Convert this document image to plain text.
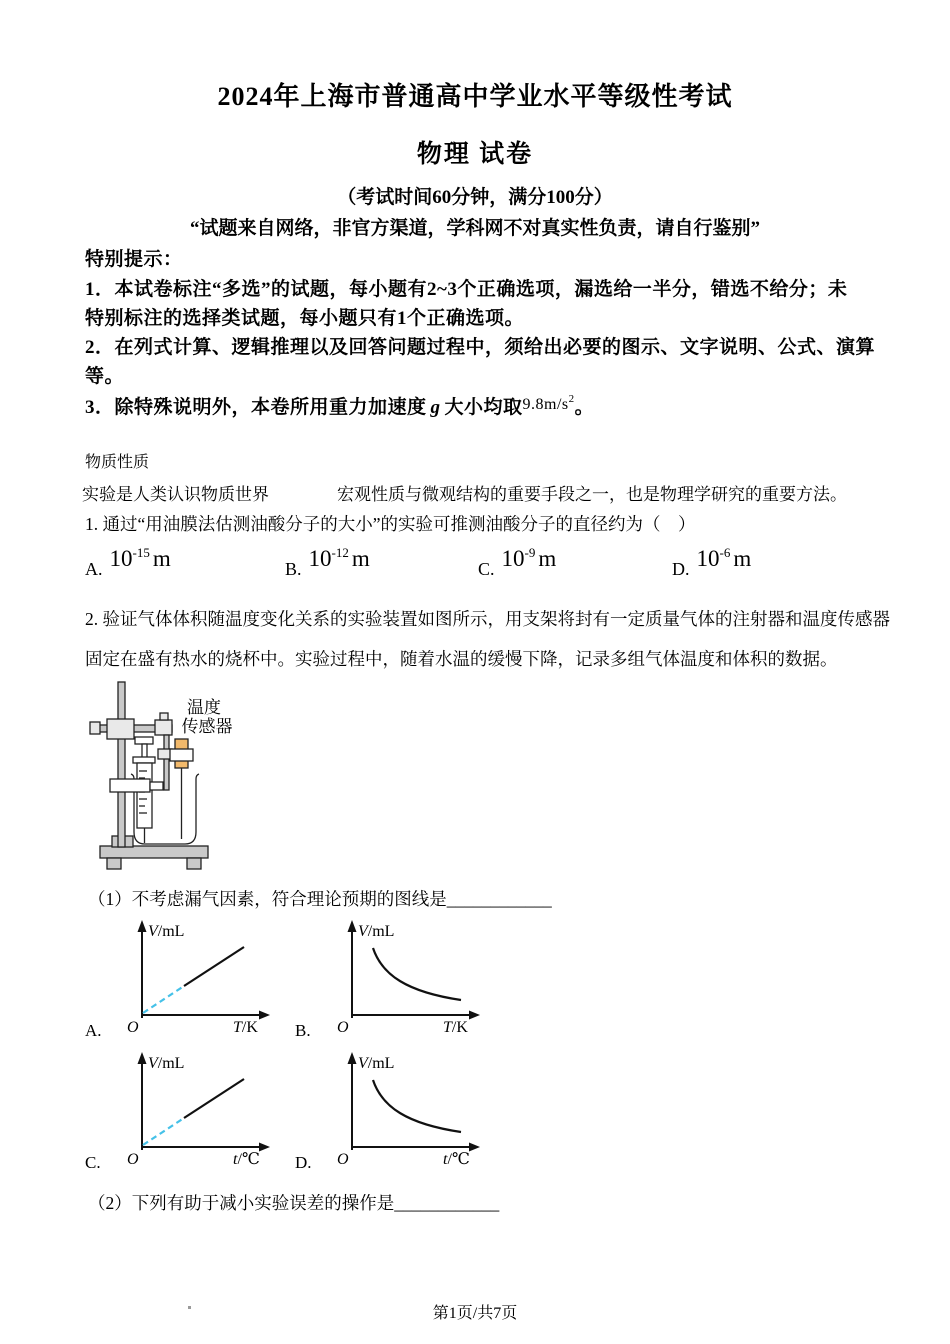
2024年上海市普通高中学业水平等级性考试
物理 试卷
（考试时间60分钟，满分100分）
“试题来自网络，非官方渠道，学科网不对真实性负责，请自行鉴别”
特别提示：
1．本试卷标注“多选”的试题，每小题有2~3个正确选项，漏选给一半分，错选不给分；未
特别标注的选择类试题，每小题只有1个正确选项。
2．在列式计算、逻辑推理以及回答问题过程中，须给出必要的图示、文字说明、公式、演算
等。
3．除特殊说明外，本卷所用重力加速度 g 大小均取$^{9.8m/s^2}$。
物质性质
实验是人类认识物质世界　　　　宏观性质与微观结构的重要手段之一，也是物理学研究的重要方法。
1. 通过“用油膜法估测油酸分子的大小”的实验可推测油酸分子的直径约为（　）
A. $10^{-15}$ m	B. $10^{-12}$ m	C. $10^{-9}$ m	D. $10^{-6}$ m
2. 验证气体体积随温度变化关系的实验装置如图所示，用支架将封有一定质量气体的注射器和温度传感器
固定在盛有热水的烧杯中。实验过程中，随着水温的缓慢下降，记录多组气体温度和体积的数据。
温度
传感器
（1）不考虑漏气因素，符合理论预期的图线是____________
V/mL
T/K
O
A.
V/mL
T/K
O
B.
V/mL
t/℃
O
C.
V/mL
t/℃
O
D.
（2）下列有助于减小实验误差的操作是____________
第1页/共7页
